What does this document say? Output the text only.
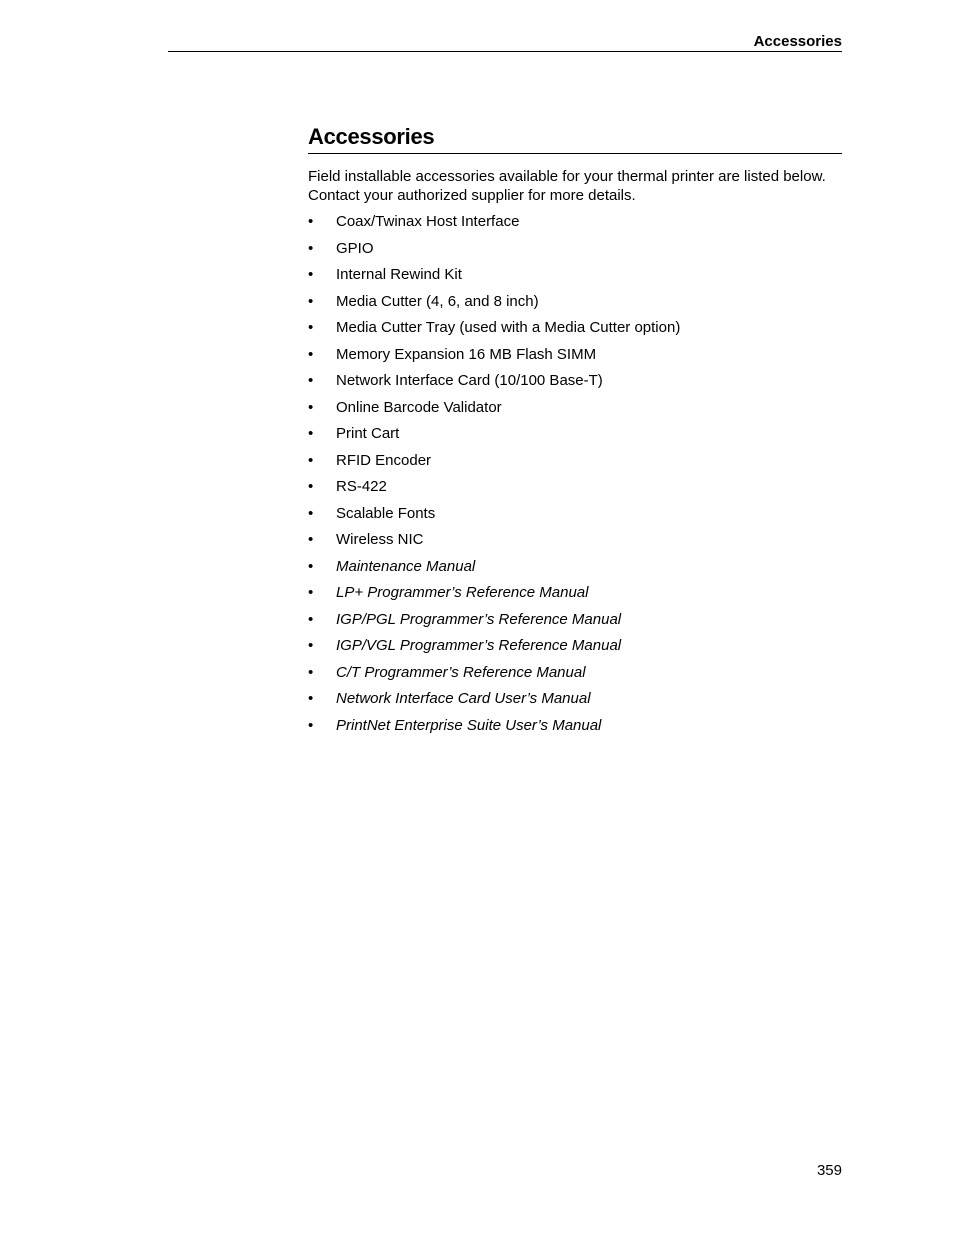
Accessories
Accessories

Field installable accessories available for your thermal printer are listed below. Contact your authorized supplier for more details.

• Coax/Twinax Host Interface
• GPIO
• Internal Rewind Kit
• Media Cutter (4, 6, and 8 inch)
• Media Cutter Tray (used with a Media Cutter option)
• Memory Expansion 16 MB Flash SIMM
• Network Interface Card (10/100 Base-T)
• Online Barcode Validator
• Print Cart
• RFID Encoder
• RS-422
• Scalable Fonts
• Wireless NIC
• Maintenance Manual
• LP+ Programmer’s Reference Manual
• IGP/PGL Programmer’s Reference Manual
• IGP/VGL Programmer’s Reference Manual
• C/T Programmer’s Reference Manual
• Network Interface Card User’s Manual
• PrintNet Enterprise Suite User’s Manual
359
